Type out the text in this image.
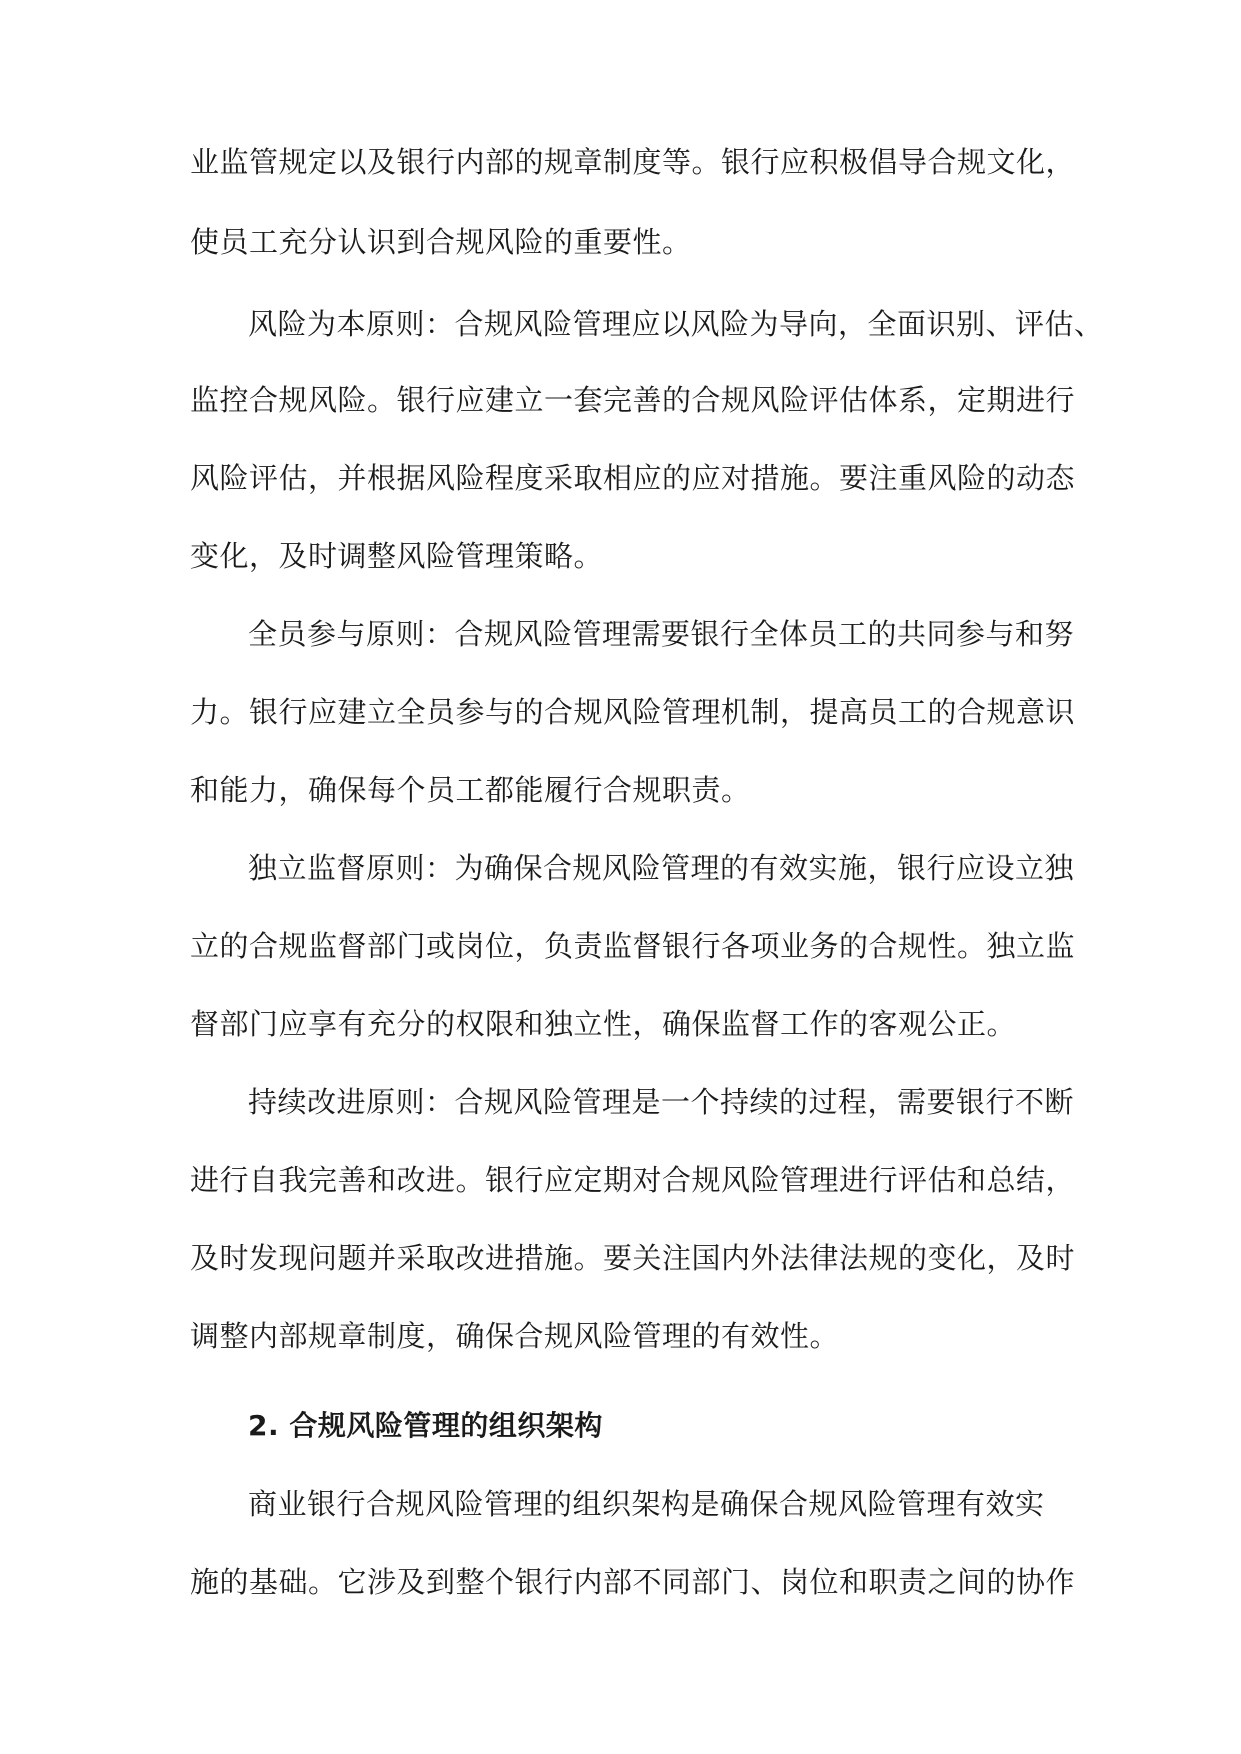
业监管规定以及银行内部的规章制度等。银行应积极倡导合规文化，
使员工充分认识到合规风险的重要性。
风险为本原则：合规风险管理应以风险为导向，全面识别、评估、
监控合规风险。银行应建立一套完善的合规风险评估体系，定期进行
风险评估，并根据风险程度采取相应的应对措施。要注重风险的动态
变化，及时调整风险管理策略。
全员参与原则：合规风险管理需要银行全体员工的共同参与和努
力。银行应建立全员参与的合规风险管理机制，提高员工的合规意识
和能力，确保每个员工都能履行合规职责。
独立监督原则：为确保合规风险管理的有效实施，银行应设立独
立的合规监督部门或岗位，负责监督银行各项业务的合规性。独立监
督部门应享有充分的权限和独立性，确保监督工作的客观公正。
持续改进原则：合规风险管理是一个持续的过程，需要银行不断
进行自我完善和改进。银行应定期对合规风险管理进行评估和总结，
及时发现问题并采取改进措施。要关注国内外法律法规的变化，及时
调整内部规章制度，确保合规风险管理的有效性。
2. 合规风险管理的组织架构
商业银行合规风险管理的组织架构是确保合规风险管理有效实
施的基础。它涉及到整个银行内部不同部门、岗位和职责之间的协作
